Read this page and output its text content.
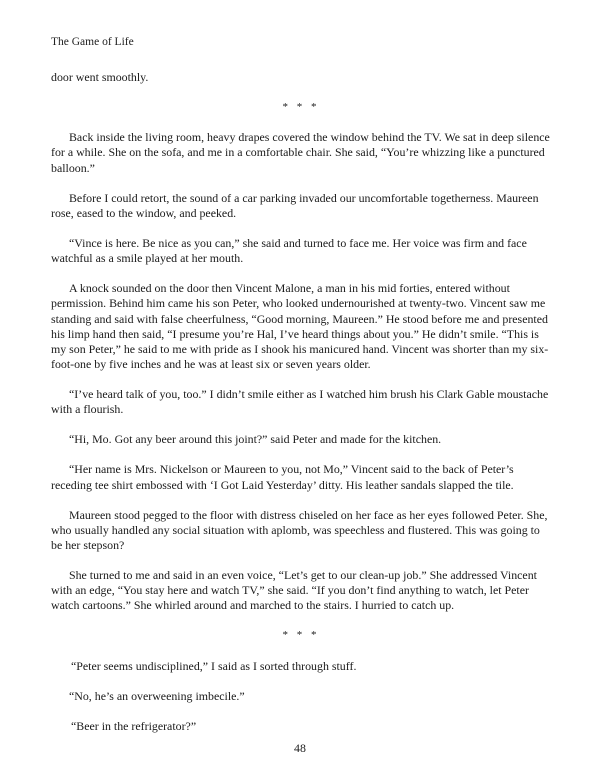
The Game of Life

door went smoothly.

* * *

Back inside the living room, heavy drapes covered the window behind the TV. We sat in deep silence for a while. She on the sofa, and me in a comfortable chair. She said, “You’re whizzing like a punctured balloon.”

Before I could retort, the sound of a car parking invaded our uncomfortable togetherness. Maureen rose, eased to the window, and peeked.

“Vince is here. Be nice as you can,” she said and turned to face me. Her voice was firm and face watchful as a smile played at her mouth.

A knock sounded on the door then Vincent Malone, a man in his mid forties, entered without permission. Behind him came his son Peter, who looked undernourished at twenty-two. Vincent saw me standing and said with false cheerfulness, “Good morning, Maureen.” He stood before me and presented his limp hand then said, “I presume you’re Hal, I’ve heard things about you.” He didn’t smile. “This is my son Peter,” he said to me with pride as I shook his manicured hand. Vincent was shorter than my six-foot-one by five inches and he was at least six or seven years older.

“I’ve heard talk of you, too.” I didn’t smile either as I watched him brush his Clark Gable moustache with a flourish.

“Hi, Mo. Got any beer around this joint?” said Peter and made for the kitchen.

“Her name is Mrs. Nickelson or Maureen to you, not Mo,” Vincent said to the back of Peter’s receding tee shirt embossed with ‘I Got Laid Yesterday’ ditty. His leather sandals slapped the tile.

Maureen stood pegged to the floor with distress chiseled on her face as her eyes followed Peter. She, who usually handled any social situation with aplomb, was speechless and flustered. This was going to be her stepson?

She turned to me and said in an even voice, “Let’s get to our clean-up job.” She addressed Vincent with an edge, “You stay here and watch TV,” she said. “If you don’t find anything to watch, let Peter watch cartoons.” She whirled around and marched to the stairs. I hurried to catch up.

* * *

“Peter seems undisciplined,” I said as I sorted through stuff.

“No, he’s an overweening imbecile.”

“Beer in the refrigerator?”

48
